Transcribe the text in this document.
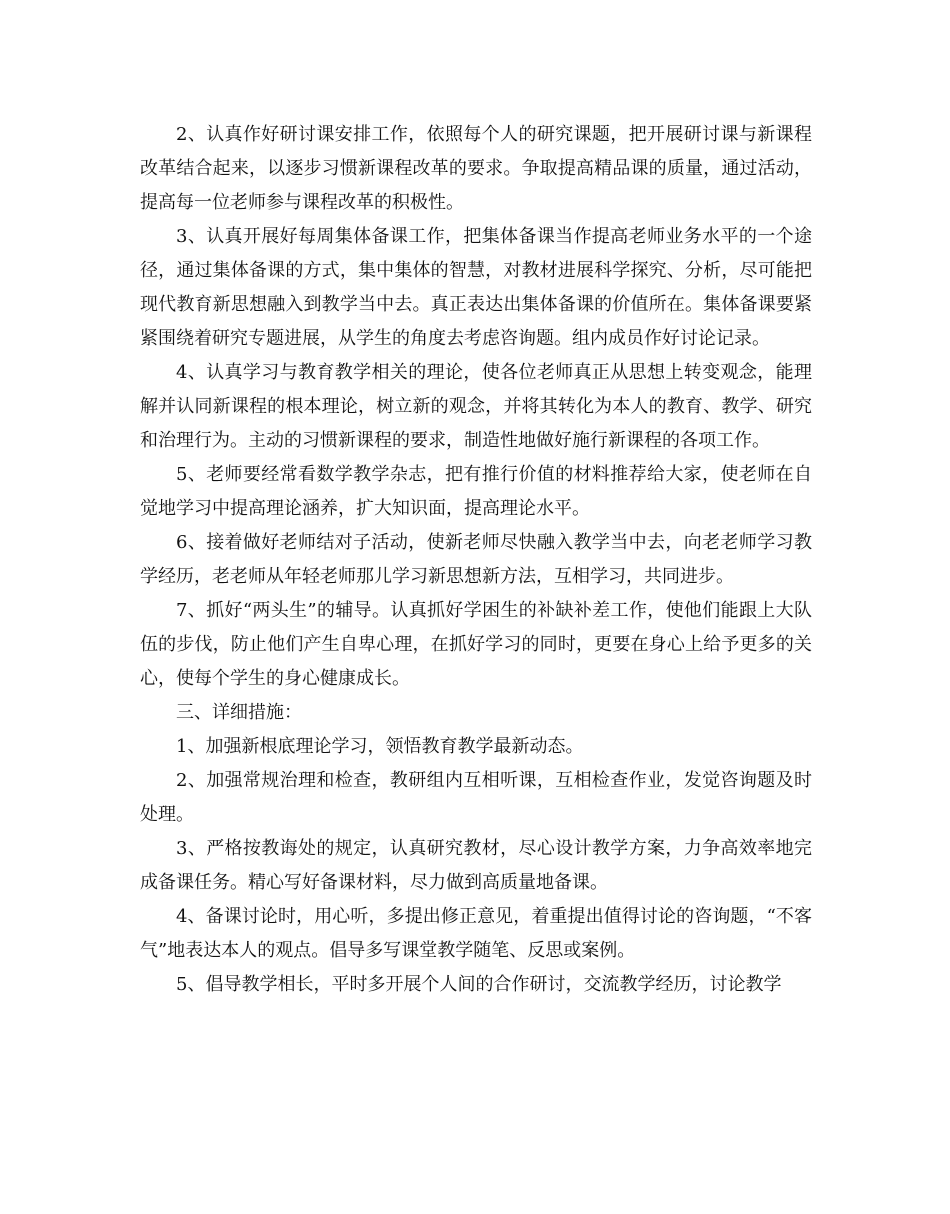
2、认真作好研讨课安排工作，依照每个人的研究课题，把开展研讨课与新课程改革结合起来，以逐步习惯新课程改革的要求。争取提高精品课的质量，通过活动，提高每一位老师参与课程改革的积极性。

3、认真开展好每周集体备课工作，把集体备课当作提高老师业务水平的一个途径，通过集体备课的方式，集中集体的智慧，对教材进展科学探究、分析，尽可能把现代教育新思想融入到教学当中去。真正表达出集体备课的价值所在。集体备课要紧紧围绕着研究专题进展，从学生的角度去考虑咨询题。组内成员作好讨论记录。

4、认真学习与教育教学相关的理论，使各位老师真正从思想上转变观念，能理解并认同新课程的根本理论，树立新的观念，并将其转化为本人的教育、教学、研究和治理行为。主动的习惯新课程的要求，制造性地做好施行新课程的各项工作。

5、老师要经常看数学教学杂志，把有推行价值的材料推荐给大家，使老师在自觉地学习中提高理论涵养，扩大知识面，提高理论水平。

6、接着做好老师结对子活动，使新老师尽快融入教学当中去，向老老师学习教学经历，老老师从年轻老师那儿学习新思想新方法，互相学习，共同进步。

7、抓好“两头生”的辅导。认真抓好学困生的补缺补差工作，使他们能跟上大队伍的步伐，防止他们产生自卑心理，在抓好学习的同时，更要在身心上给予更多的关心，使每个学生的身心健康成长。

三、详细措施：

1、加强新根底理论学习，领悟教育教学最新动态。

2、加强常规治理和检查，教研组内互相听课，互相检查作业，发觉咨询题及时处理。

3、严格按教诲处的规定，认真研究教材，尽心设计教学方案，力争高效率地完成备课任务。精心写好备课材料，尽力做到高质量地备课。

4、备课讨论时，用心听，多提出修正意见，着重提出值得讨论的咨询题，“不客气”地表达本人的观点。倡导多写课堂教学随笔、反思或案例。

5、倡导教学相长，平时多开展个人间的合作研讨，交流教学经历，讨论教学
